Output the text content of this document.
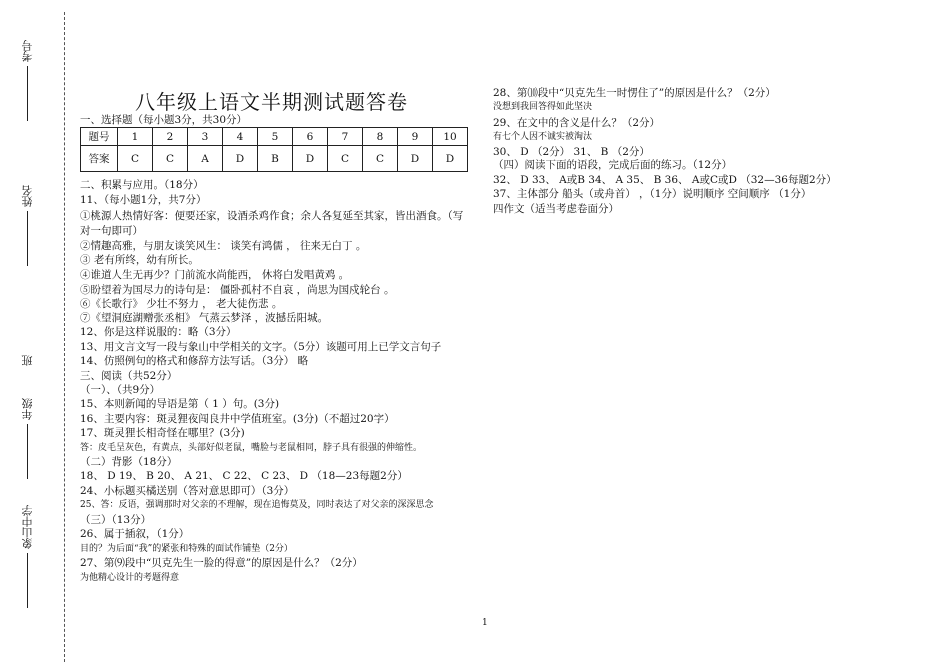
考号
姓名
班
年级
象山中学
八年级上语文半期测试题答卷
一、选择题（每小题3分，共30分）
题号	1	2	3	4	5	6	7	8	9	10
答案	C	C	A	D	B	D	C	C	D	D
二、积累与应用。（18分）
11、（每小题1分，共7分）
①桃源人热情好客：便要还家，设酒杀鸡作食；余人各复延至其家，皆出酒食。（写
对一句即可）
②情趣高雅，与朋友谈笑风生： 谈笑有鸿儒 ， 往来无白丁 。
③ 老有所终，幼有所长。
④谁道人生无再少？门前流水尚能西， 休将白发唱黄鸡 。
⑤盼望着为国尽力的诗句是： 僵卧孤村不自哀 ，尚思为国戍轮台 。
⑥《长歌行》 少壮不努力 ， 老大徒伤悲 。
⑦《望洞庭湖赠张丞相》 气蒸云梦泽 ，波撼岳阳城。
12、你是这样说服的：略（3分）
13、用文言文写一段与象山中学相关的文字。（5分）该题可用上已学文言句子
14、仿照例句的格式和修辞方法写话。（3分） 略
三、阅读（共52分）
（一）、（共9分）
15、本则新闻的导语是第（ 1 ）句。(3分)
16、主要内容：斑灵狸夜闯良井中学值班室。(3分)（不超过20字）
17、斑灵狸长相奇怪在哪里？(3分)
答：皮毛呈灰色，有黄点，头部好似老鼠，嘴脸与老鼠相同，脖子具有很强的伸缩性。
（二）背影（18分）
18、 D 19、 B 20、 A 21、 C 22、 C 23、 D （18—23每题2分）
24、小标题买橘送别（答对意思即可）（3分）
25、答：反语，强调那时对父亲的不理解，现在追悔莫及，同时表达了对父亲的深深思念
（三）（13分）
26、属于插叙，（1分）
目的？为后面“我”的紧张和特殊的面试作铺垫（2分）
27、第⑼段中“贝克先生一脸的得意”的原因是什么？（2分）
为他精心设计的考题得意
28、第⑽段中“贝克先生一时愣住了”的原因是什么？（2分）
没想到我回答得如此坚决
29、在文中的含义是什么？（2分）
有七个人因不诚实被淘汰
30、 D （2分） 31、 B （2分）
（四）阅读下面的语段，完成后面的练习。（12分）
32、 D 33、 A或B 34、 A 35、 B 36、 A或C或D （32—36每题2分）
37、主体部分 船头（或舟首） ，（1分）说明顺序 空间顺序 （1分）
四作文（适当考虑卷面分）
1
